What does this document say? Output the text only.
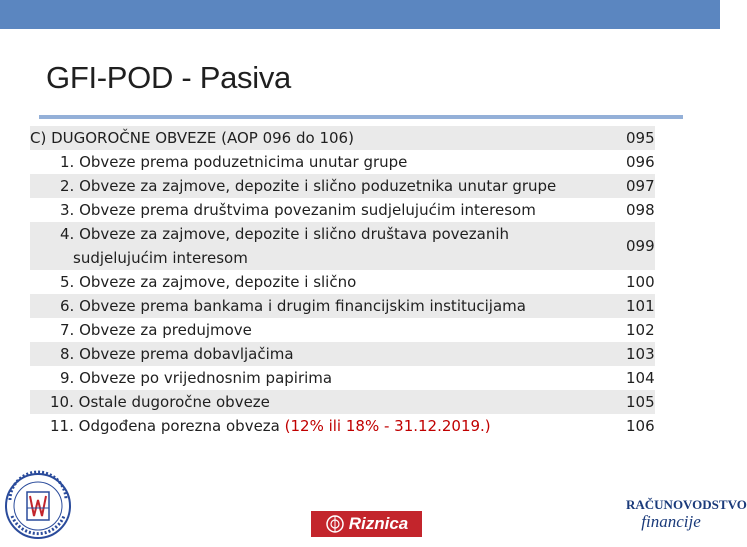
GFI-POD - Pasiva
C) DUGOROČNE OBVEZE (AOP 096 do 106)		095
1. Obveze prema poduzetnicima unutar grupe		096
2. Obveze za zajmove, depozite i slično poduzetnika unutar grupe		097
3. Obveze prema društvima povezanim sudjelujućim interesom		098

4. Obveze za zajmove, depozite i slično društava povezanih
sudjelujućim interesom		099
5. Obveze za zajmove, depozite i slično		100
6. Obveze prema bankama i drugim financijskim institucijama		101
7. Obveze za predujmove		102
8. Obveze prema dobavljačima		103
9. Obveze po vrijednosnim papirima		104
10. Ostale dugoročne obveze		105
11. Odgođena porezna obveza (12% ili 18% - 31.12.2019.)		106
Riznica
RAČUNOVODSTVO
financije
